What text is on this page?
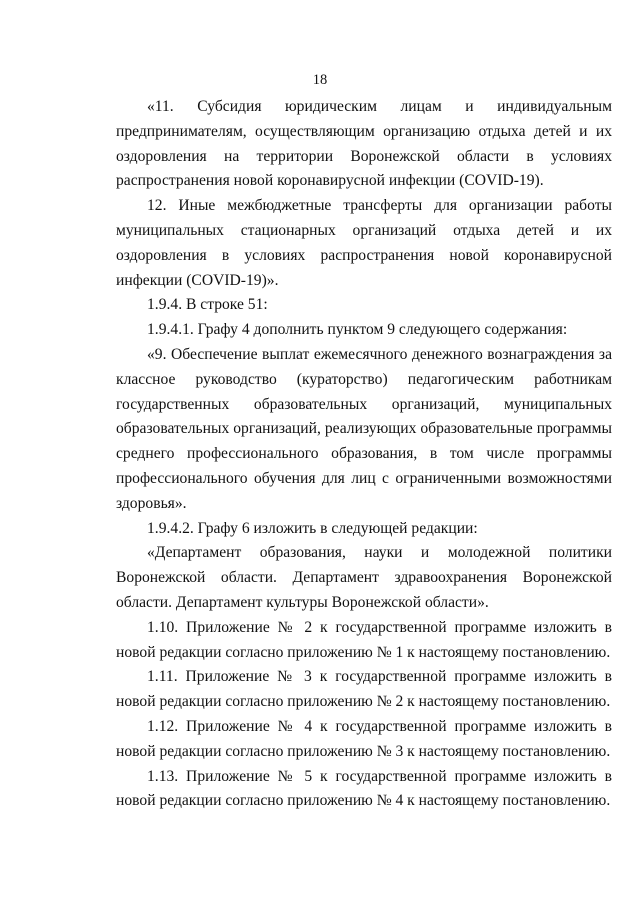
18

«11. Субсидия юридическим лицам и индивидуальным предпринимателям, осуществляющим организацию отдыха детей и их оздоровления на территории Воронежской области в условиях распространения новой коронавирусной инфекции (COVID-19).

12. Иные межбюджетные трансферты для организации работы муниципальных стационарных организаций отдыха детей и их оздоровления в условиях распространения новой коронавирусной инфекции (COVID-19)».

1.9.4. В строке 51:

1.9.4.1. Графу 4 дополнить пунктом 9 следующего содержания:

«9. Обеспечение выплат ежемесячного денежного вознаграждения за классное руководство (кураторство) педагогическим работникам государственных образовательных организаций, муниципальных образовательных организаций, реализующих образовательные программы среднего профессионального образования, в том числе программы профессионального обучения для лиц с ограниченными возможностями здоровья».

1.9.4.2. Графу 6 изложить в следующей редакции:

«Департамент образования, науки и молодежной политики Воронежской области. Департамент здравоохранения Воронежской области. Департамент культуры Воронежской области».

1.10. Приложение № 2 к государственной программе изложить в новой редакции согласно приложению № 1 к настоящему постановлению.

1.11. Приложение № 3 к государственной программе изложить в новой редакции согласно приложению № 2 к настоящему постановлению.

1.12. Приложение № 4 к государственной программе изложить в новой редакции согласно приложению № 3 к настоящему постановлению.

1.13. Приложение № 5 к государственной программе изложить в новой редакции согласно приложению № 4 к настоящему постановлению.
